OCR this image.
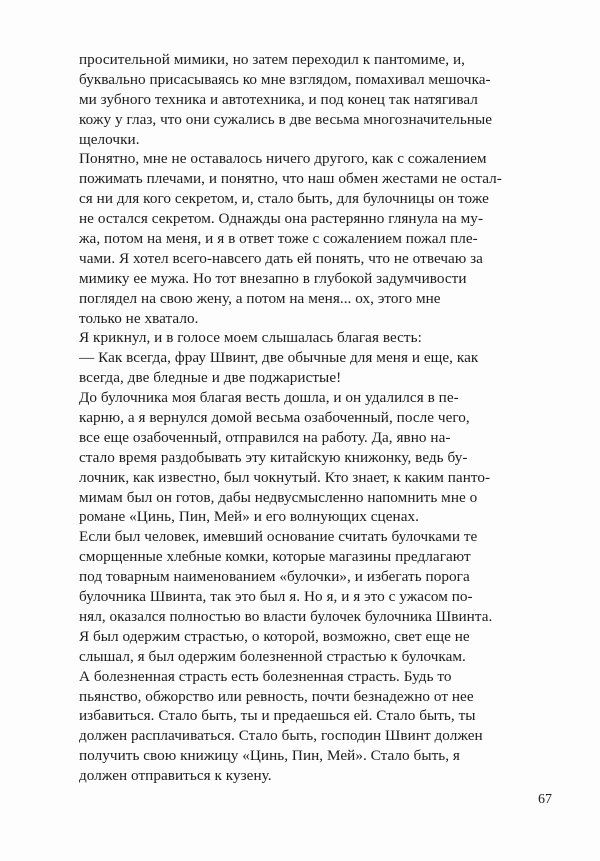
просительной мимики, но затем переходил к пантомиме, и,
буквально присасываясь ко мне взглядом, помахивал мешочка-
ми зубного техника и автотехника, и под конец так натягивал
кожу у глаз, что они сужались в две весьма многозначительные
щелочки.
Понятно, мне не оставалось ничего другого, как с сожалением
пожимать плечами, и понятно, что наш обмен жестами не остал-
ся ни для кого секретом, и, стало быть, для булочницы он тоже
не остался секретом. Однажды она растерянно глянула на му-
жа, потом на меня, и я в ответ тоже с сожалением пожал пле-
чами. Я хотел всего-навсего дать ей понять, что не отвечаю за
мимику ее мужа. Но тот внезапно в глубокой задумчивости
поглядел на свою жену, а потом на меня... ох, этого мне
только не хватало.
Я крикнул, и в голосе моем слышалась благая весть:
— Как всегда, фрау Швинт, две обычные для меня и еще, как
всегда, две бледные и две поджаристые!
До булочника моя благая весть дошла, и он удалился в пе-
карню, а я вернулся домой весьма озабоченный, после чего,
все еще озабоченный, отправился на работу. Да, явно на-
стало время раздобывать эту китайскую книжонку, ведь бу-
лочник, как известно, был чокнутый. Кто знает, к каким панто-
мимам был он готов, дабы недвусмысленно напомнить мне о
романе «Цинь, Пин, Мей» и его волнующих сценах.
Если был человек, имевший основание считать булочками те
сморщенные хлебные комки, которые магазины предлагают
под товарным наименованием «булочки», и избегать порога
булочника Швинта, так это был я. Но я, и я это с ужасом по-
нял, оказался полностью во власти булочек булочника Швинта.
Я был одержим страстью, о которой, возможно, свет еще не
слышал, я был одержим болезненной страстью к булочкам.
А болезненная страсть есть болезненная страсть. Будь то
пьянство, обжорство или ревность, почти безнадежно от нее
избавиться. Стало быть, ты и предаешься ей. Стало быть, ты
должен расплачиваться. Стало быть, господин Швинт должен
получить свою книжицу «Цинь, Пин, Мей». Стало быть, я
должен отправиться к кузену.
67
